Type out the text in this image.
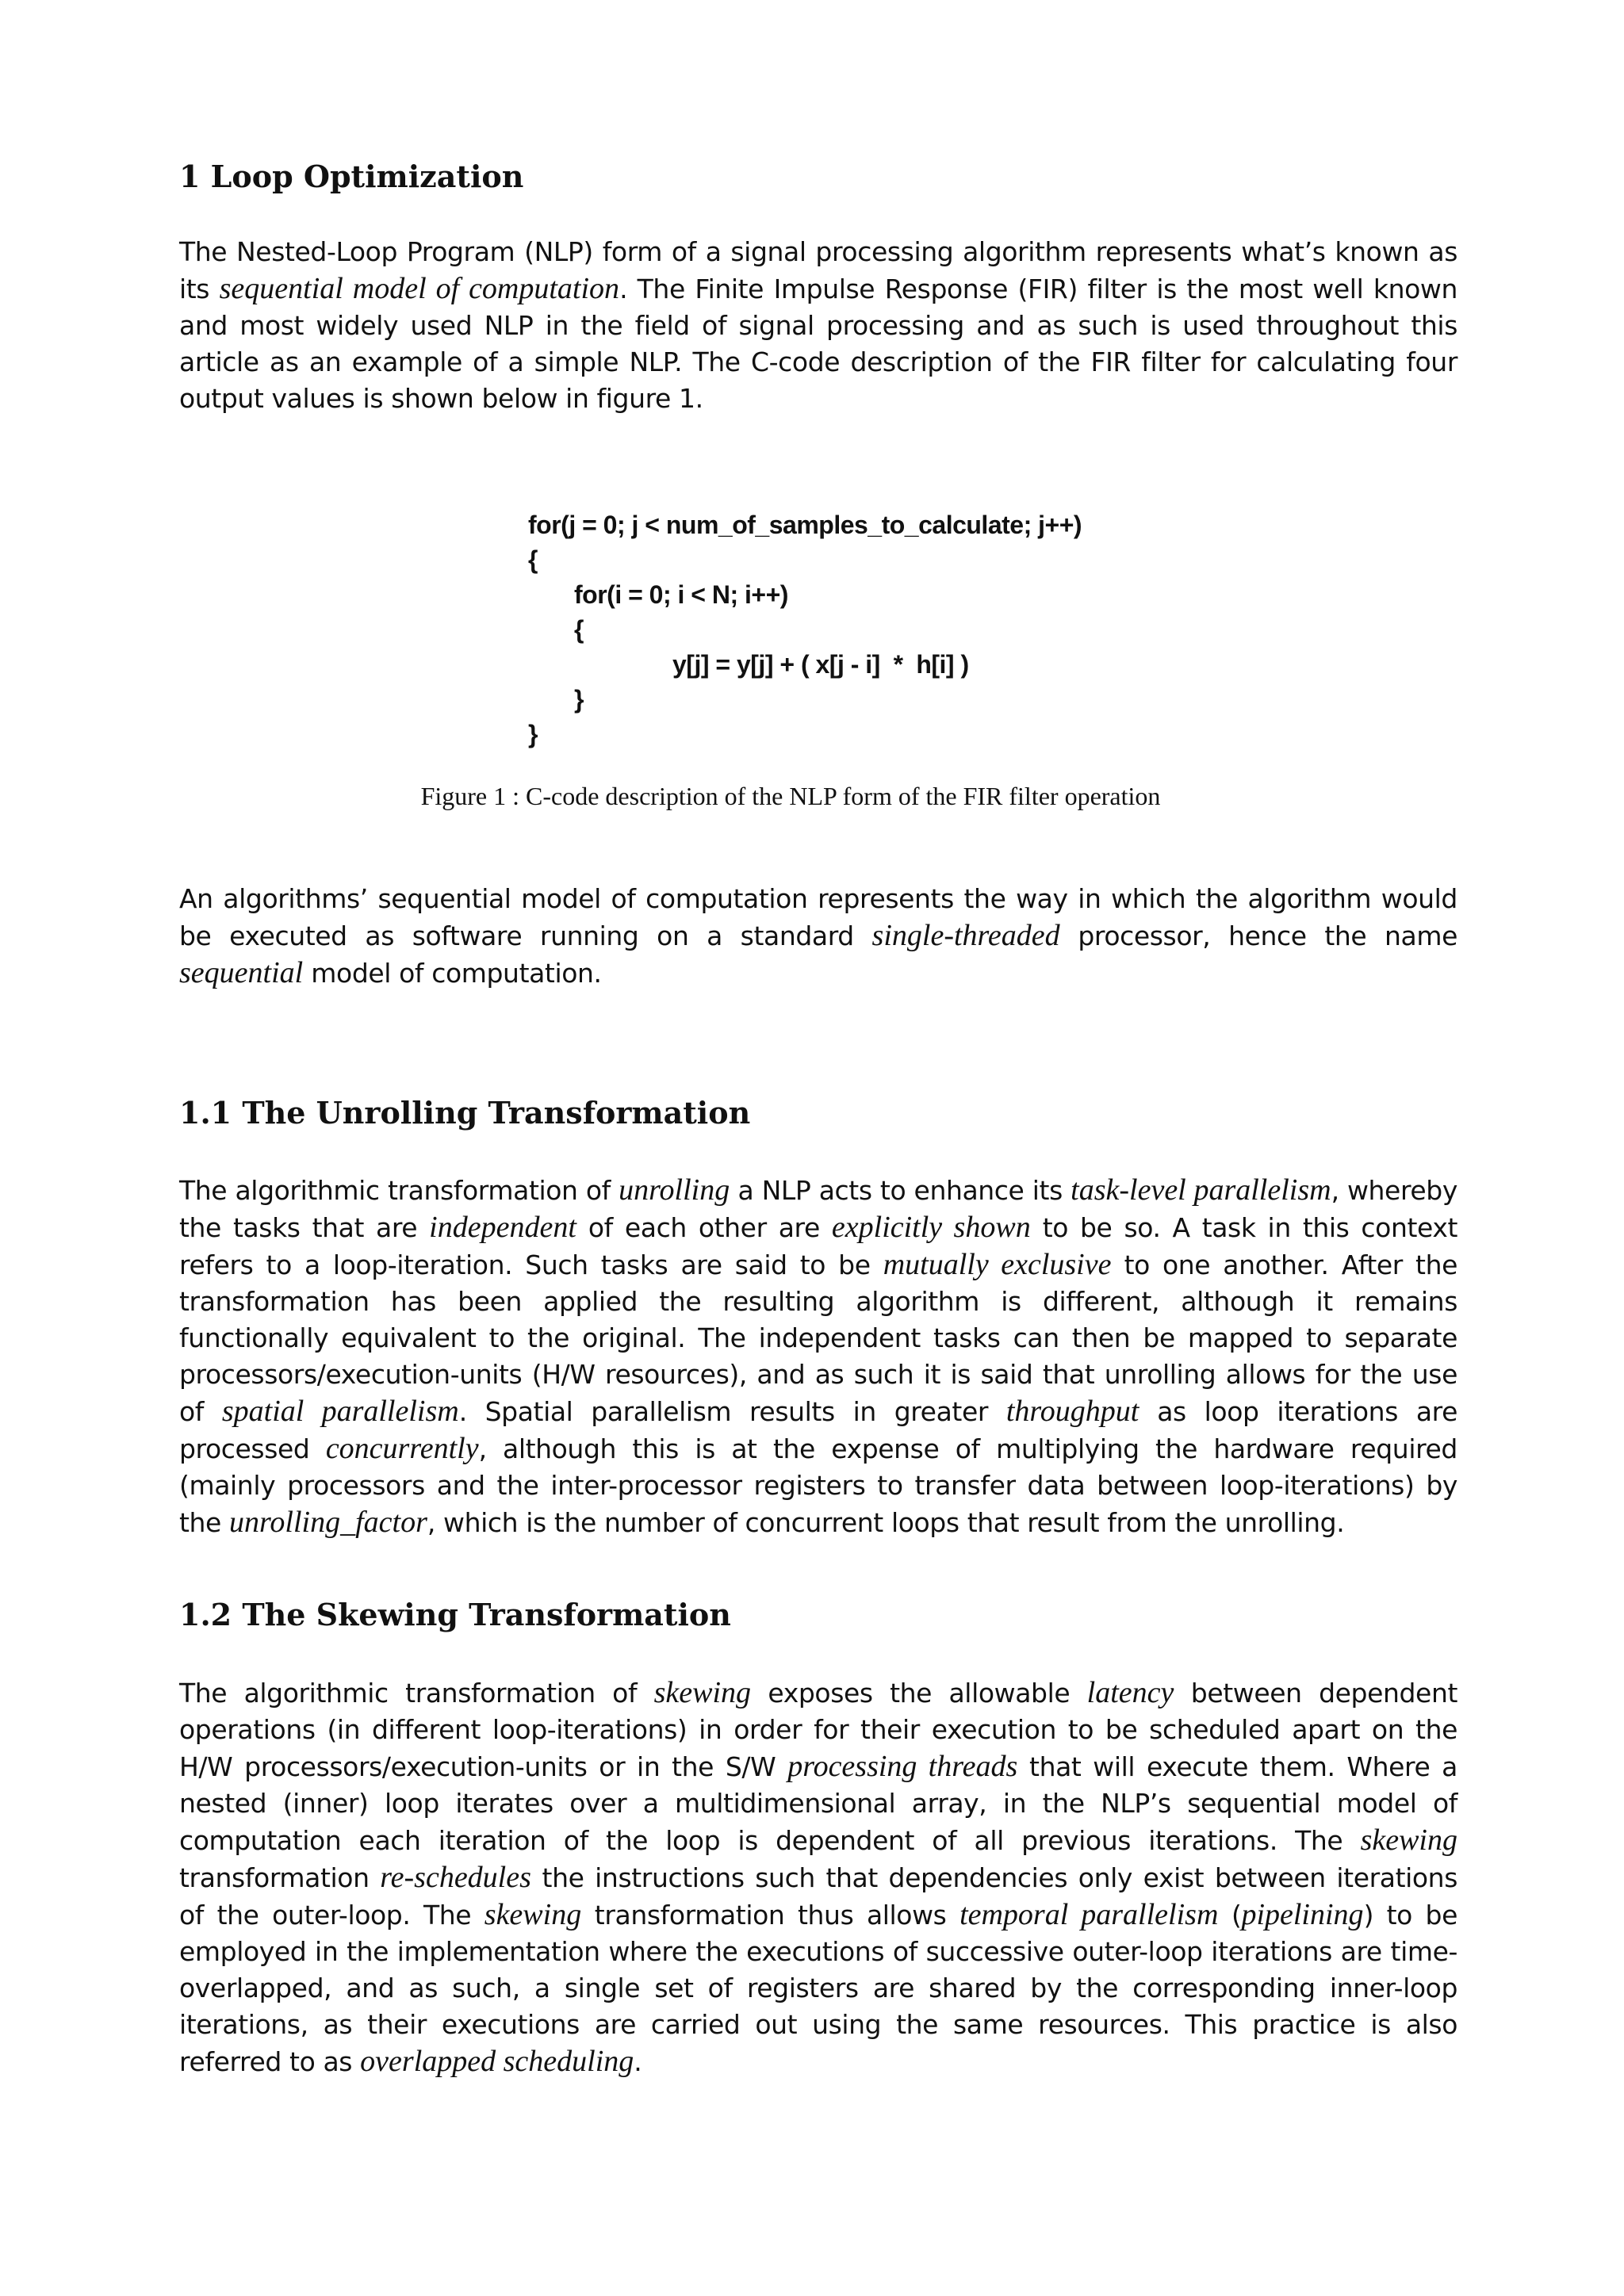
1 Loop Optimization

The Nested-Loop Program (NLP) form of a signal processing algorithm represents what’s known as its sequential model of computation. The Finite Impulse Response (FIR) filter is the most well known and most widely used NLP in the field of signal processing and as such is used throughout this article as an example of a simple NLP. The C-code description of the FIR filter for calculating four output values is shown below in figure 1.

for(j = 0; j < num_of_samples_to_calculate; j++)
{
for(i = 0; i < N; i++)
{
y[j] = y[j] + ( x[j - i]  *  h[i] )
}
}

Figure 1 : C-code description of the NLP form of the FIR filter operation

An algorithms’ sequential model of computation represents the way in which the algorithm would be executed as software running on a standard single-threaded processor, hence the name sequential model of computation.

1.1 The Unrolling Transformation

The algorithmic transformation of unrolling a NLP acts to enhance its task-level parallelism, whereby the tasks that are independent of each other are explicitly shown to be so. A task in this context refers to a loop-iteration. Such tasks are said to be mutually exclusive to one another. After the transformation has been applied the resulting algorithm is different, although it remains functionally equivalent to the original. The independent tasks can then be mapped to separate processors/execution-units (H/W resources), and as such it is said that unrolling allows for the use of spatial parallelism. Spatial parallelism results in greater throughput as loop iterations are processed concurrently, although this is at the expense of multiplying the hardware required (mainly processors and the inter-processor registers to transfer data between loop-iterations) by the unrolling_factor, which is the number of concurrent loops that result from the unrolling.

1.2 The Skewing Transformation

The algorithmic transformation of skewing exposes the allowable latency between dependent operations (in different loop-iterations) in order for their execution to be scheduled apart on the H/W processors/execution-units or in the S/W processing threads that will execute them. Where a nested (inner) loop iterates over a multidimensional array, in the NLP’s sequential model of computation each iteration of the loop is dependent of all previous iterations. The skewing transformation re-schedules the instructions such that dependencies only exist between iterations of the outer-loop. The skewing transformation thus allows temporal parallelism (pipelining) to be employed in the implementation where the executions of successive outer-loop iterations are time-overlapped, and as such, a single set of registers are shared by the corresponding inner-loop iterations, as their executions are carried out using the same resources. This practice is also referred to as overlapped scheduling.
